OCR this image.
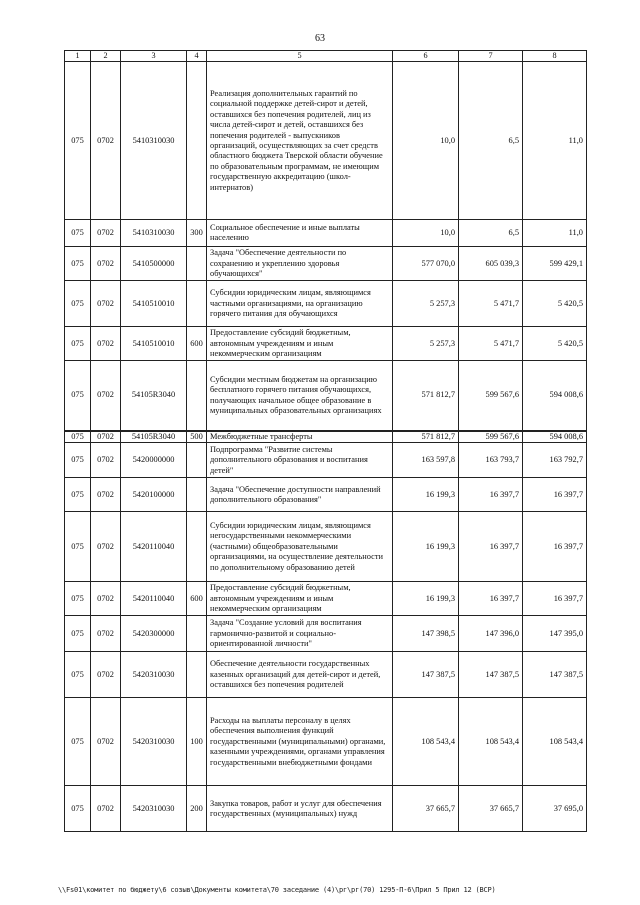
63
1	2	3	4	5	6	7	8
075	0702	5410310030		Реализация дополнительных гарантий по социальной поддержке детей-сирот и детей, оставшихся без попечения родителей, лиц из числа детей-сирот и детей, оставшихся без попечения родителей - выпускников организаций, осуществляющих за счет средств областного бюджета Тверской области обучение по образовательным программам, не имеющим государственную аккредитацию (школ-интернатов)	10,0	6,5	11,0
075	0702	5410310030	300	Социальное обеспечение и иные выплаты населению	10,0	6,5	11,0
075	0702	5410500000		Задача "Обеспечение деятельности по сохранению и укреплению здоровья обучающихся"	577 070,0	605 039,3	599 429,1
075	0702	5410510010		Субсидии юридическим лицам, являющимся частными организациями, на организацию горячего питания для обучающихся	5 257,3	5 471,7	5 420,5
075	0702	5410510010	600	Предоставление субсидий бюджетным, автономным учреждениям и иным некоммерческим организациям	5 257,3	5 471,7	5 420,5
075	0702	54105R3040		Субсидии местным бюджетам на организацию бесплатного горячего питания обучающихся, получающих начальное общее образование в муниципальных образовательных организациях	571 812,7	599 567,6	594 008,6
075	0702	54105R3040	500	Межбюджетные трансферты	571 812,7	599 567,6	594 008,6
075	0702	5420000000		Подпрограмма "Развитие системы дополнительного образования и воспитания детей"	163 597,8	163 793,7	163 792,7
075	0702	5420100000		Задача "Обеспечение доступности направлений дополнительного образования"	16 199,3	16 397,7	16 397,7
075	0702	5420110040		Субсидии юридическим лицам, являющимся негосударственными некоммерческими (частными) общеобразовательными организациями, на осуществление деятельности по дополнительному образованию детей	16 199,3	16 397,7	16 397,7
075	0702	5420110040	600	Предоставление субсидий бюджетным, автономным учреждениям и иным некоммерческим организациям	16 199,3	16 397,7	16 397,7
075	0702	5420300000		Задача "Создание условий для воспитания гармонично-развитой и социально-ориентированной личности"	147 398,5	147 396,0	147 395,0
075	0702	5420310030		Обеспечение деятельности государственных казенных организаций для детей-сирот и детей, оставшихся без попечения родителей	147 387,5	147 387,5	147 387,5
075	0702	5420310030	100	Расходы на выплаты персоналу в целях обеспечения выполнения функций государственными (муниципальными) органами, казенными учреждениями, органами управления государственными внебюджетными фондами	108 543,4	108 543,4	108 543,4
075	0702	5420310030	200	Закупка товаров, работ и услуг для обеспечения государственных (муниципальных) нужд	37 665,7	37 665,7	37 695,0
\\Fs01\комитет по бюджету\6 созыв\Документы комитета\70 заседание (4)\рг\рг(70) 1295-П-6\Прил 5 Прил 12 (ВСР)
